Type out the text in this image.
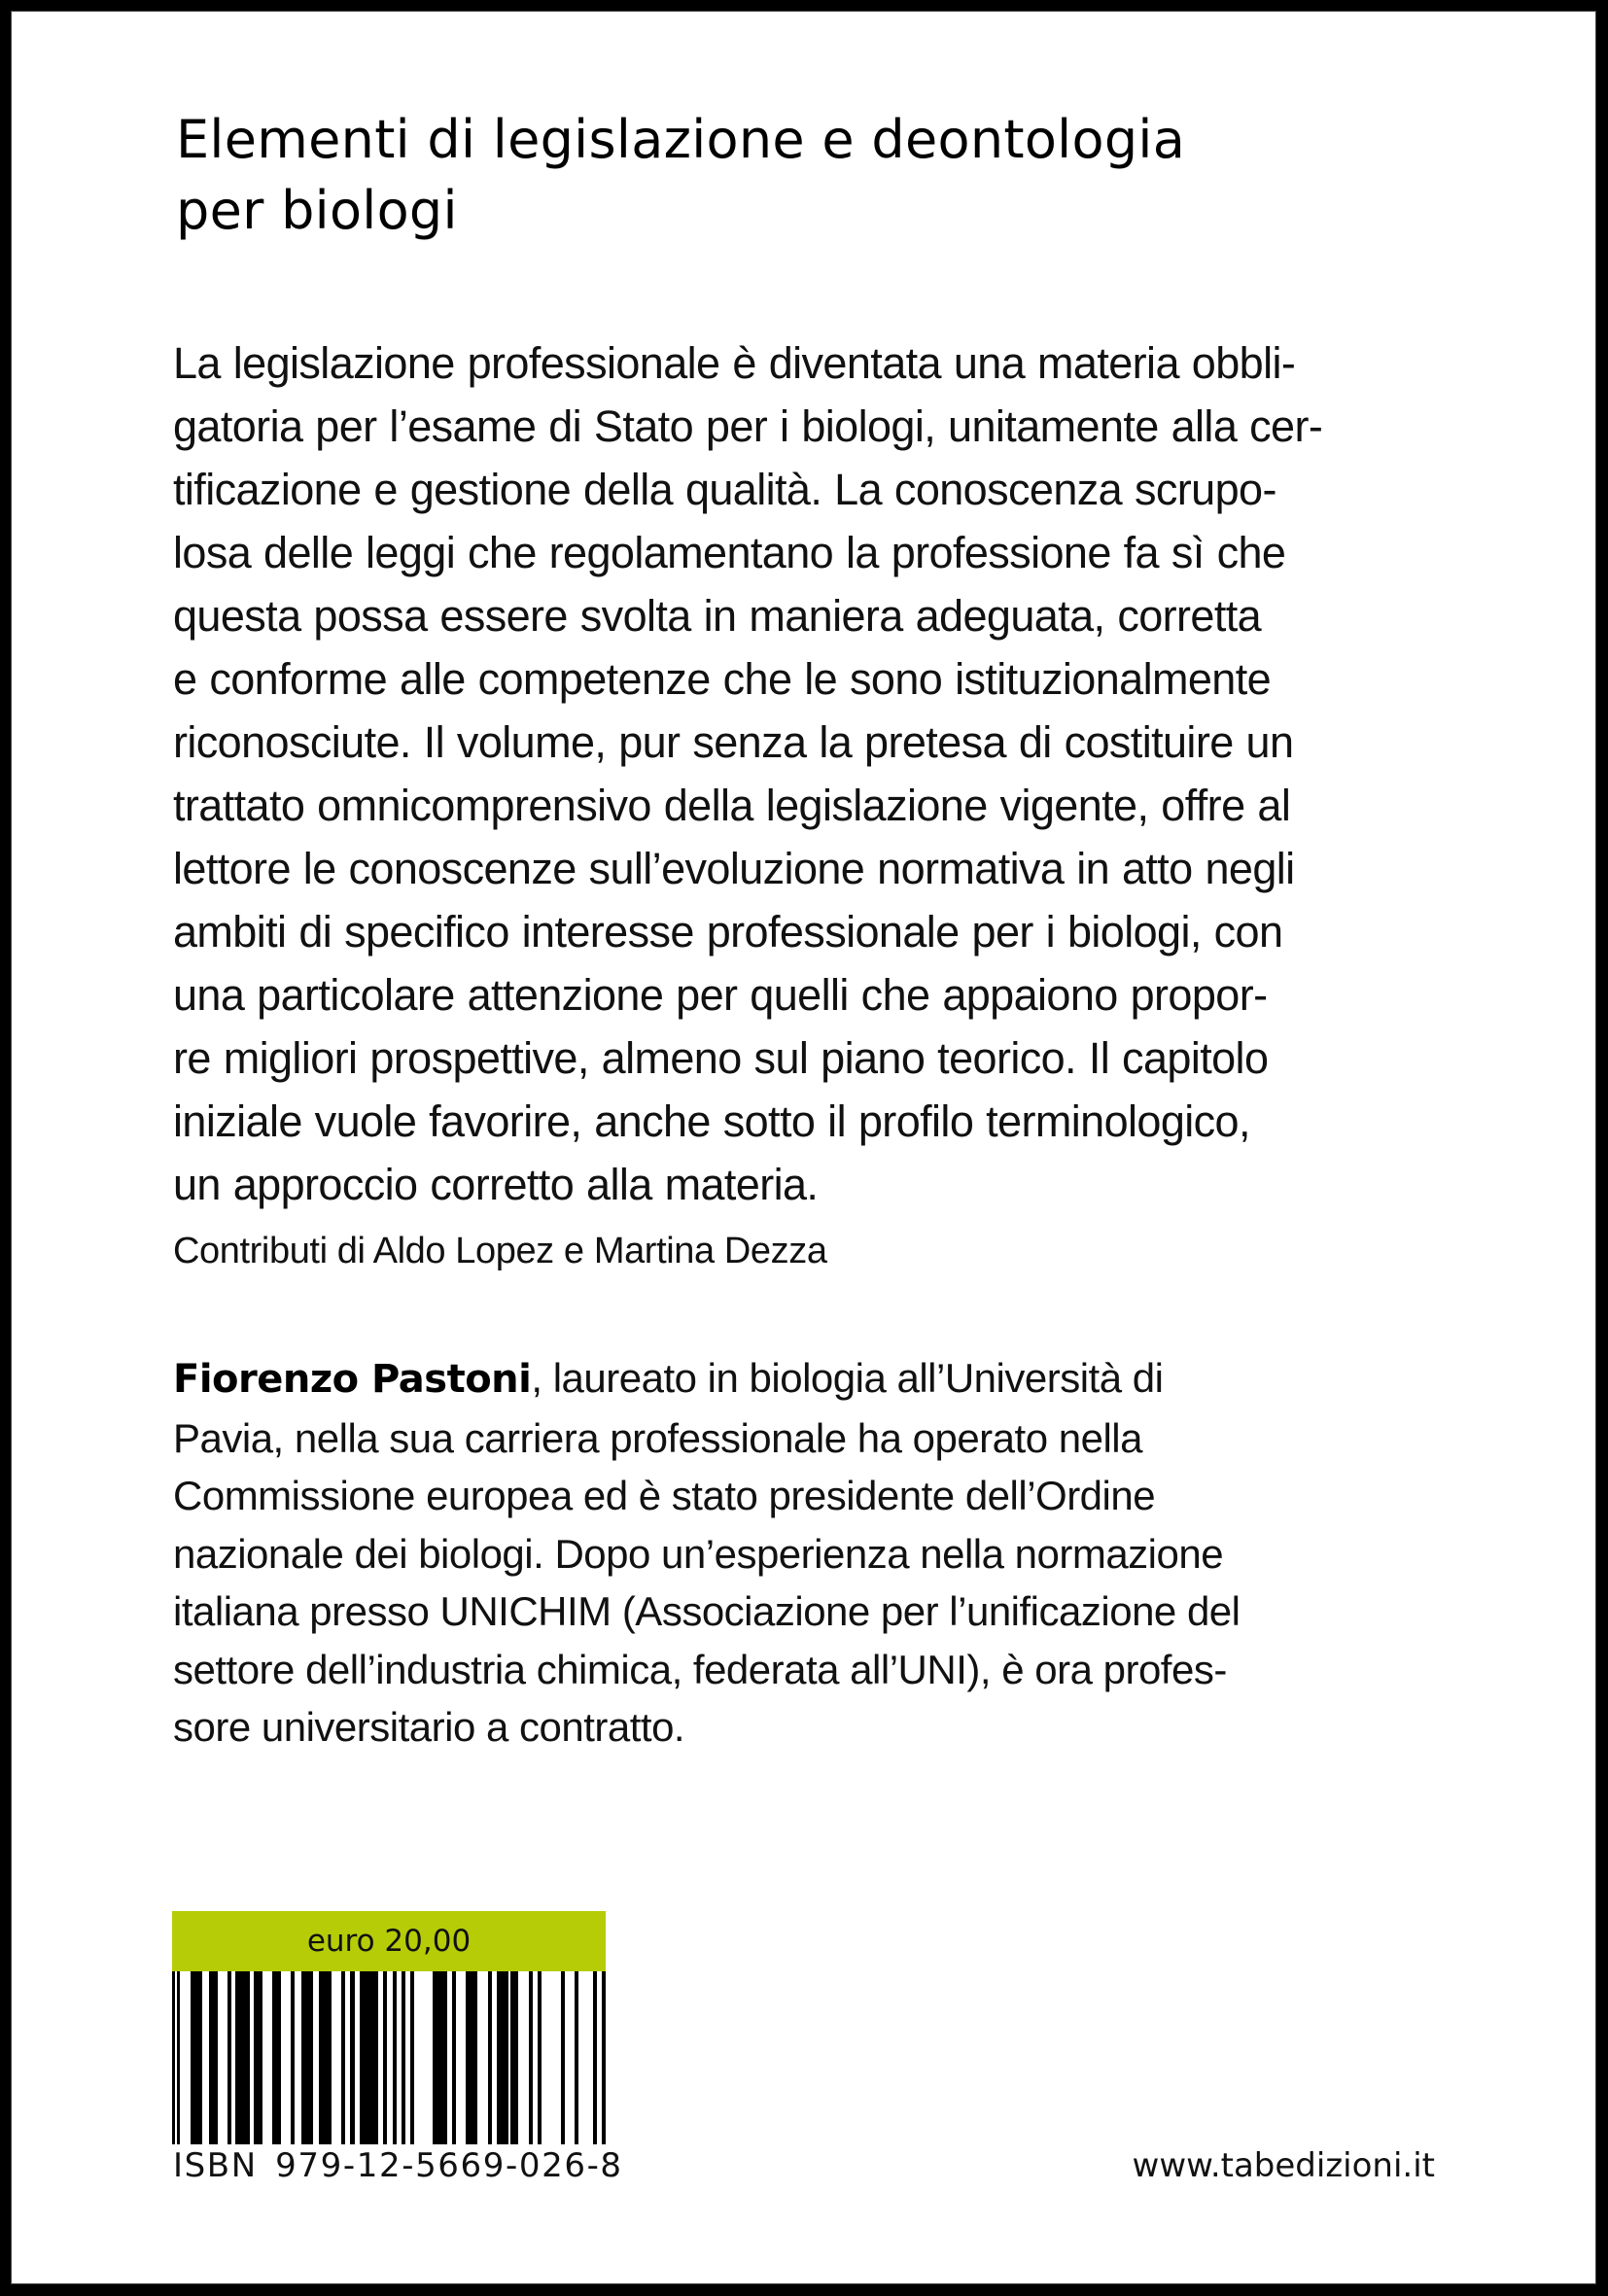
Elementi di legislazione e deontologia
per biologi

La legislazione professionale è diventata una materia obbli-
gatoria per l’esame di Stato per i biologi, unitamente alla cer-
tificazione e gestione della qualità. La conoscenza scrupo-
losa delle leggi che regolamentano la professione fa sì che
questa possa essere svolta in maniera adeguata, corretta
e conforme alle competenze che le sono istituzionalmente
riconosciute. Il volume, pur senza la pretesa di costituire un
trattato omnicomprensivo della legislazione vigente, offre al
lettore le conoscenze sull’evoluzione normativa in atto negli
ambiti di specifico interesse professionale per i biologi, con
una particolare attenzione per quelli che appaiono propor-
re migliori prospettive, almeno sul piano teorico. Il capitolo
iniziale vuole favorire, anche sotto il profilo terminologico,
un approccio corretto alla materia.

Contributi di Aldo Lopez e Martina Dezza

Fiorenzo Pastoni, laureato in biologia all’Università di
Pavia, nella sua carriera professionale ha operato nella
Commissione europea ed è stato presidente dell’Ordine
nazionale dei biologi. Dopo un’esperienza nella normazione
italiana presso UNICHIM (Associazione per l’unificazione del
settore dell’industria chimica, federata all’UNI), è ora profes-
sore universitario a contratto.

euro 20,00
ISBN 979-12-5669-026-8	www.tabedizioni.it
